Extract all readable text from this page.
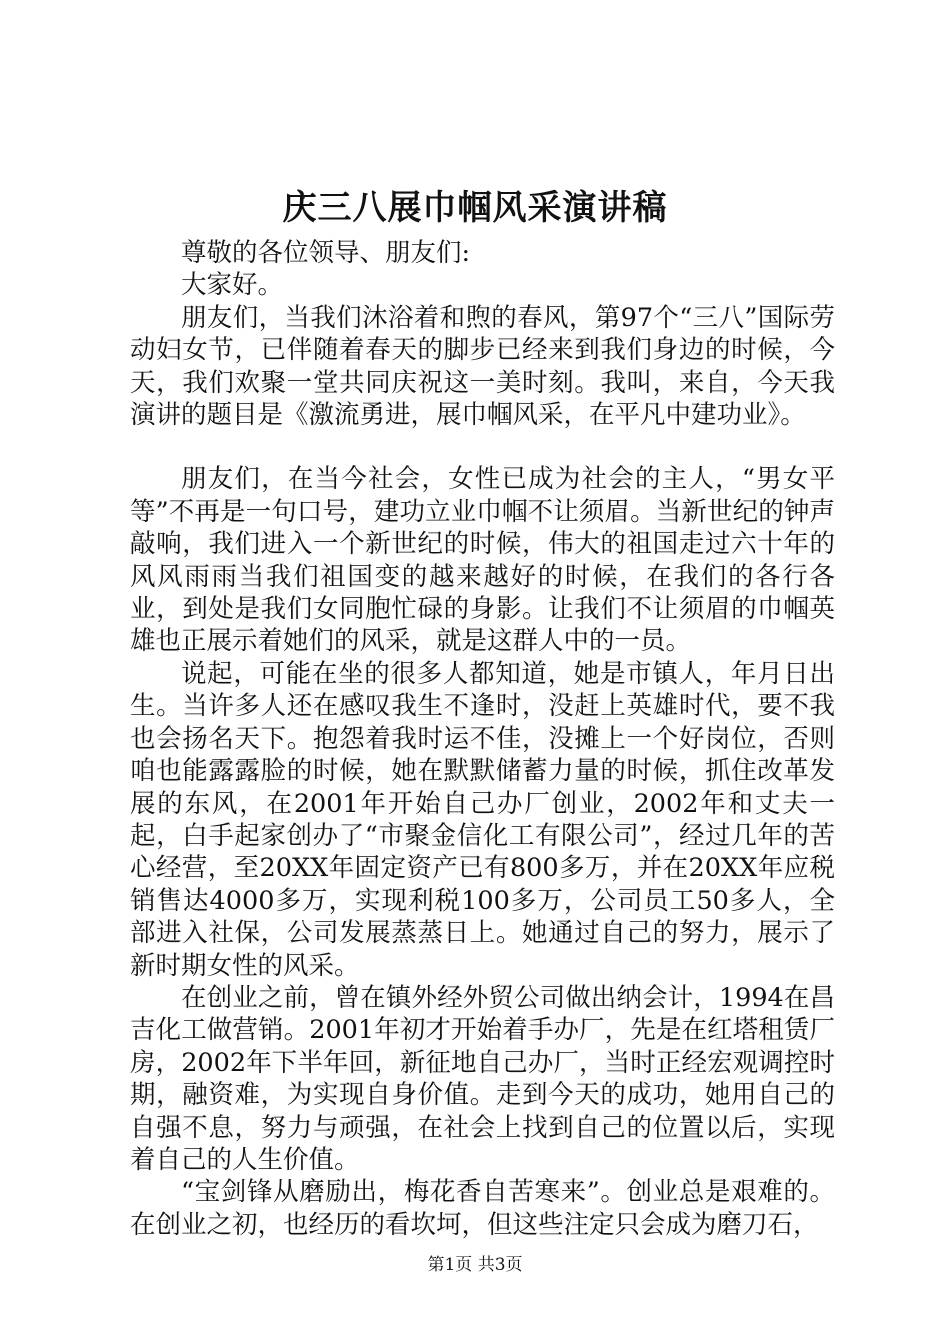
庆三八展巾帼风采演讲稿

尊敬的各位领导、朋友们:

大家好。

朋友们，当我们沐浴着和煦的春风，第97个“三八”国际劳动妇女节，已伴随着春天的脚步已经来到我们身边的时候，今天，我们欢聚一堂共同庆祝这一美时刻。我叫，来自，今天我演讲的题目是《激流勇进，展巾帼风采，在平凡中建功业》。

朋友们，在当今社会，女性已成为社会的主人，“男女平等”不再是一句口号，建功立业巾帼不让须眉。当新世纪的钟声敲响，我们进入一个新世纪的时候，伟大的祖国走过六十年的风风雨雨当我们祖国变的越来越好的时候，在我们的各行各业，到处是我们女同胞忙碌的身影。让我们不让须眉的巾帼英雄也正展示着她们的风采，就是这群人中的一员。

说起，可能在坐的很多人都知道，她是市镇人，年月日出生。当许多人还在感叹我生不逢时，没赶上英雄时代，要不我也会扬名天下。抱怨着我时运不佳，没摊上一个好岗位，否则咱也能露露脸的时候，她在默默储蓄力量的时候，抓住改革发展的东风，在2001年开始自己办厂创业，2002年和丈夫一起，白手起家创办了“市聚金信化工有限公司”，经过几年的苦心经营，至20XX年固定资产已有800多万，并在20XX年应税销售达4000多万，实现利税100多万，公司员工50多人，全部进入社保，公司发展蒸蒸日上。她通过自己的努力，展示了新时期女性的风采。

在创业之前，曾在镇外经外贸公司做出纳会计，1994在昌吉化工做营销。2001年初才开始着手办厂，先是在红塔租赁厂房，2002年下半年回，新征地自己办厂，当时正经宏观调控时期，融资难，为实现自身价值。走到今天的成功，她用自己的自强不息，努力与顽强，在社会上找到自己的位置以后，实现着自己的人生价值。

“宝剑锋从磨励出，梅花香自苦寒来”。创业总是艰难的。在创业之初，也经历的看坎坷，但这些注定只会成为磨刀石，

第1页 共3页
